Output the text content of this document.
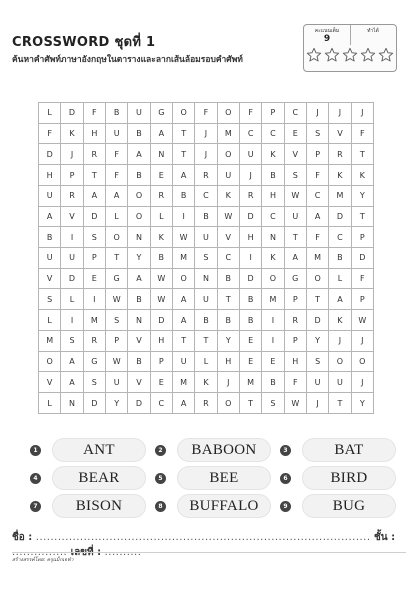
CROSSWORD ชุดที่ 1
ค้นหาคำศัพท์ภาษาอังกฤษในตารางและลากเส้นล้อมรอบคำศัพท์
คะแนนเต็ม	ทำได้
9
L	D	F	B	U	G	O	F	O	F	P	C	J	J	J
F	K	H	U	B	A	T	J	M	C	C	E	S	V	F
D	J	R	F	A	N	T	J	O	U	K	V	P	R	T
H	P	T	F	B	E	A	R	U	J	B	S	F	K	K
U	R	A	A	O	R	B	C	K	R	H	W	C	M	Y
A	V	D	L	O	L	I	B	W	D	C	U	A	D	T
B	I	S	O	N	K	W	U	V	H	N	T	F	C	P
U	U	P	T	Y	B	M	S	C	I	K	A	M	B	D
V	D	E	G	A	W	O	N	B	D	O	G	O	L	F
S	L	I	W	B	W	A	U	T	B	M	P	T	A	P
L	I	M	S	N	D	A	B	B	B	I	R	D	K	W
M	S	R	P	V	H	T	T	Y	E	I	P	Y	J	J
O	A	G	W	B	P	U	L	H	E	E	H	S	O	O
V	A	S	U	V	E	M	K	J	M	B	F	U	U	J
L	N	D	Y	D	C	A	R	O	T	S	W	J	T	Y
1	ANT	2	BABOON	3	BAT
4	BEAR	5	BEE	6	BIRD
7	BISON	8	BUFFALO	9	BUG
ชื่อ : ........................................................................................... ชั้น :
สร้างสรรค์โดย: ครูแม็กเจฟ่า
